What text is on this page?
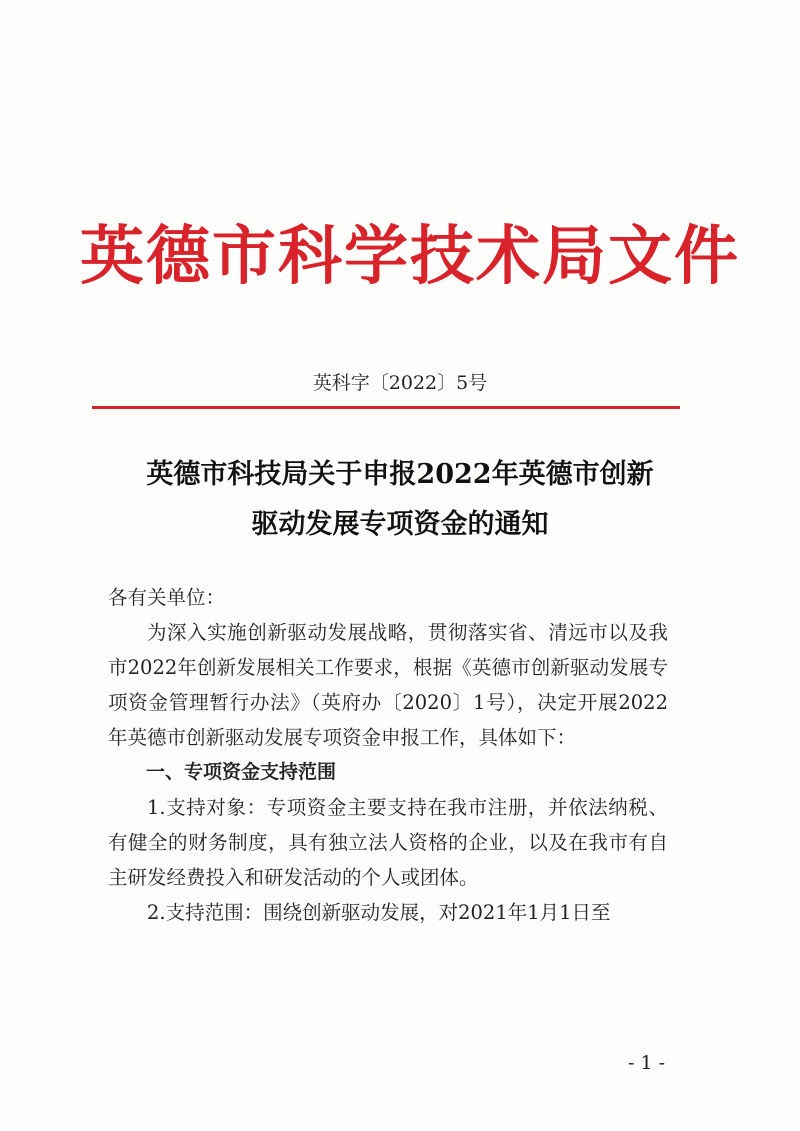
英德市科学技术局文件
英科字〔2022〕5号
英德市科技局关于申报2022年英德市创新
驱动发展专项资金的通知

各有关单位：

为深入实施创新驱动发展战略，贯彻落实省、清远市以及我市2022年创新发展相关工作要求，根据《英德市创新驱动发展专项资金管理暂行办法》（英府办〔2020〕1号），决定开展2022年英德市创新驱动发展专项资金申报工作，具体如下：

一、专项资金支持范围

1.支持对象：专项资金主要支持在我市注册，并依法纳税、有健全的财务制度，具有独立法人资格的企业，以及在我市有自主研发经费投入和研发活动的个人或团体。

2.支持范围：围绕创新驱动发展，对2021年1月1日至

- 1 -
